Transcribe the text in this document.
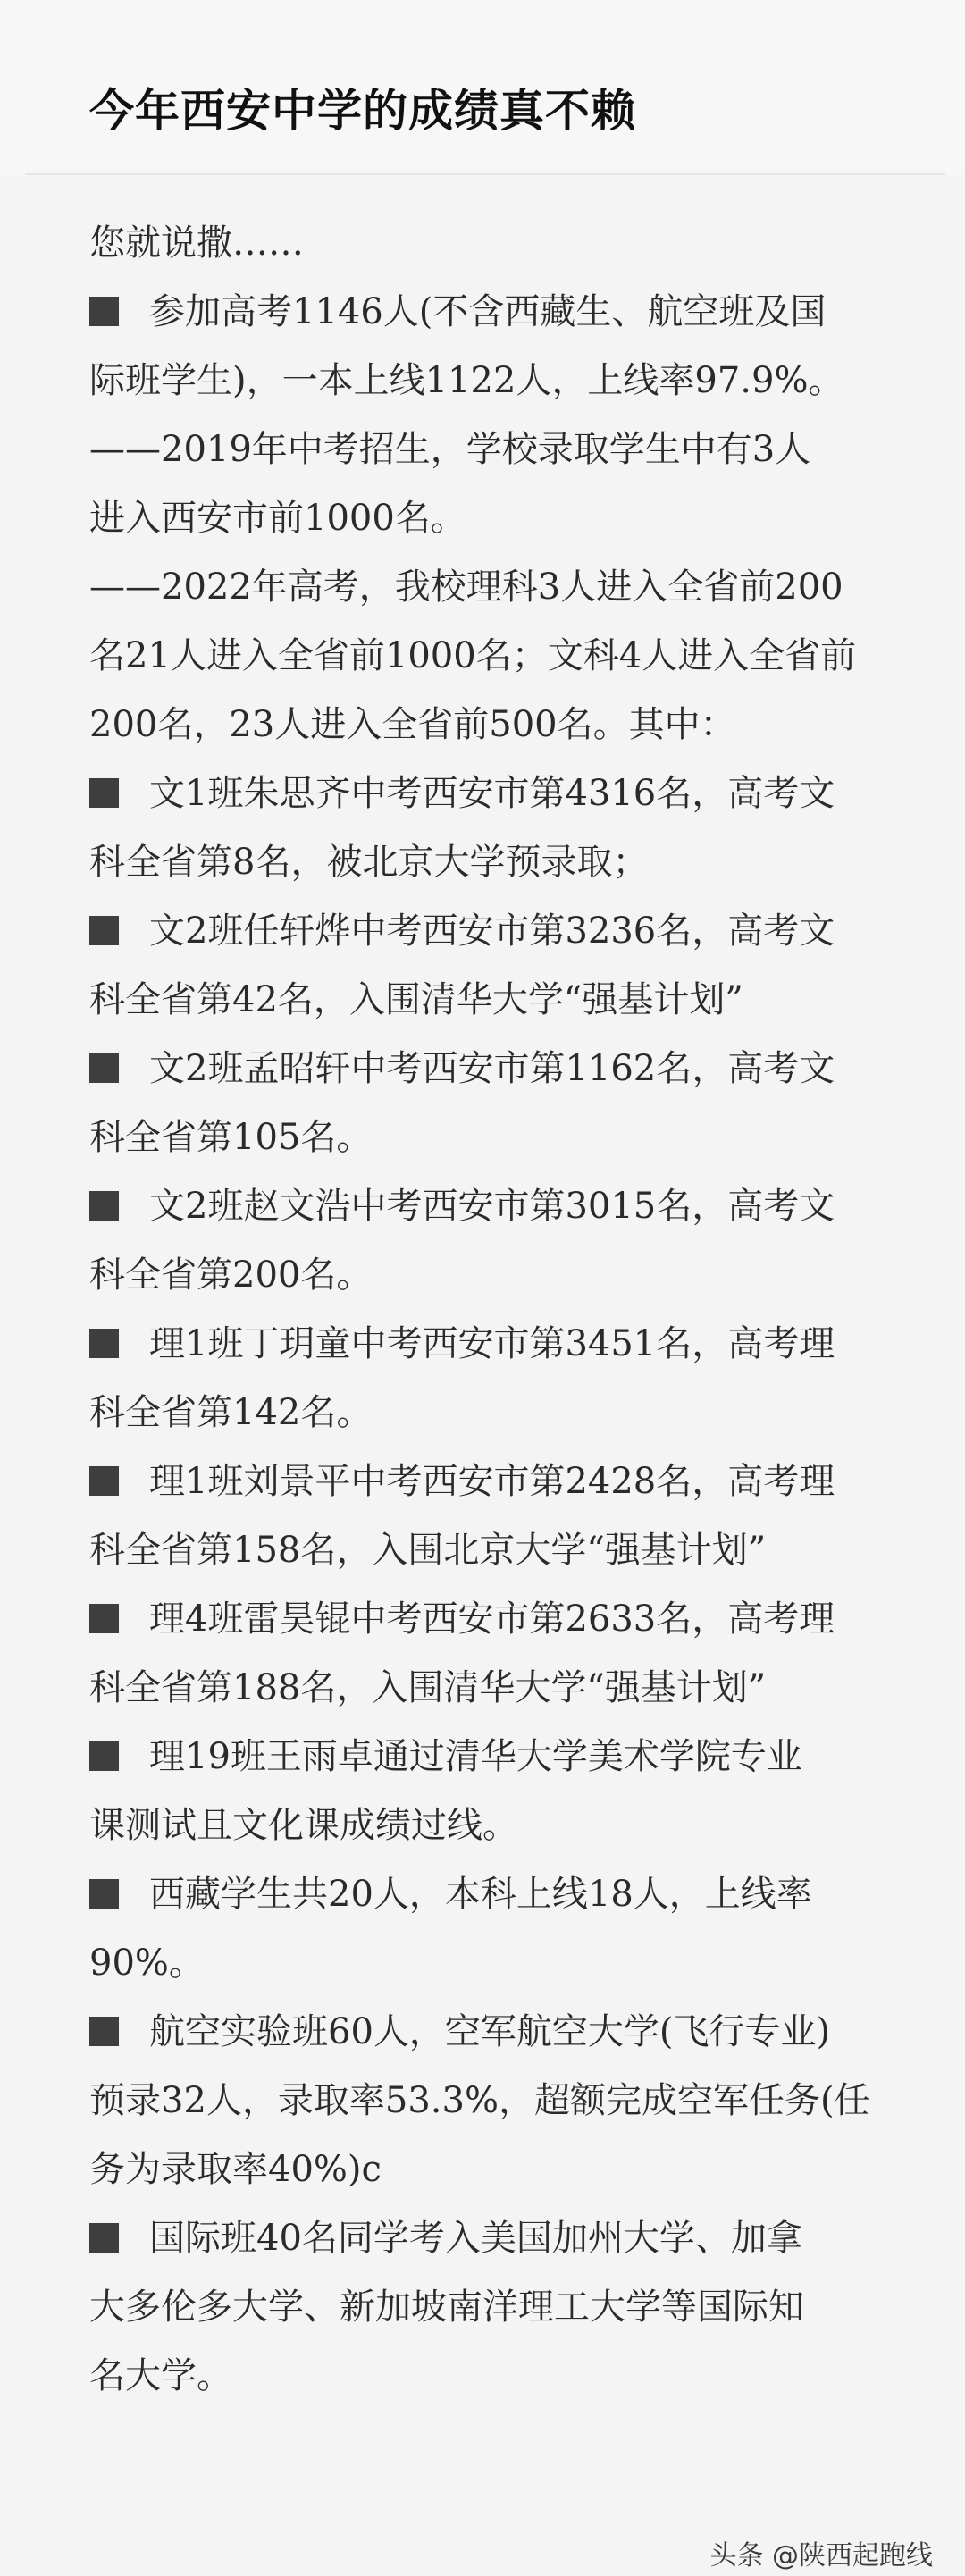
今年西安中学的成绩真不赖

您就说撒……

参加高考1146人(不含西藏生、航空班及国
际班学生)，一本上线1122人，上线率97.9%。

——2019年中考招生，学校录取学生中有3人
进入西安市前1000名。

——2022年高考，我校理科3人进入全省前200
名21人进入全省前1000名；文科4人进入全省前
200名，23人进入全省前500名。其中：

文1班朱思齐中考西安市第4316名，高考文
科全省第8名，被北京大学预录取；

文2班任轩烨中考西安市第3236名，高考文
科全省第42名，入围清华大学“强基计划”

文2班孟昭轩中考西安市第1162名，高考文
科全省第105名。

文2班赵文浩中考西安市第3015名，高考文
科全省第200名。

理1班丁玥童中考西安市第3451名，高考理
科全省第142名。

理1班刘景平中考西安市第2428名，高考理
科全省第158名，入围北京大学“强基计划”

理4班雷昊锟中考西安市第2633名，高考理
科全省第188名，入围清华大学“强基计划”

理19班王雨卓通过清华大学美术学院专业
课测试且文化课成绩过线。

西藏学生共20人，本科上线18人，上线率
90%。

航空实验班60人，空军航空大学(飞行专业)
预录32人，录取率53.3%，超额完成空军任务(任
务为录取率40%)c

国际班40名同学考入美国加州大学、加拿
大多伦多大学、新加坡南洋理工大学等国际知
名大学。

头条 @陕西起跑线
